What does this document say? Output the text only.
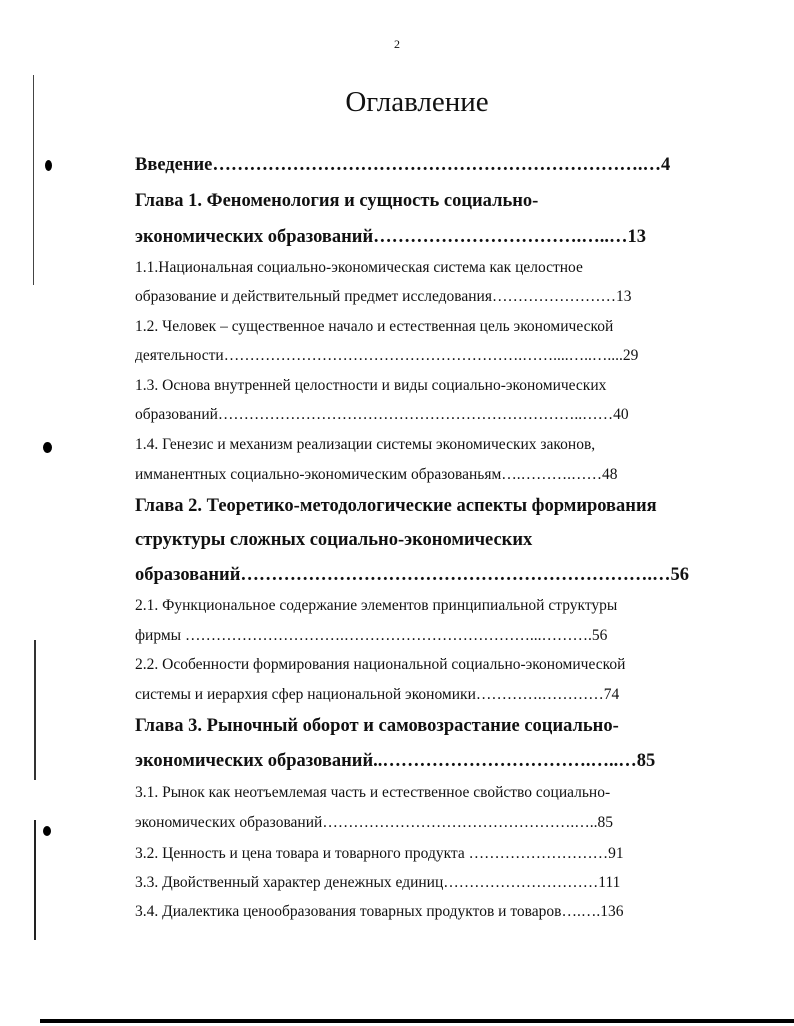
2
Оглавление
Введение…………………………………………………………….…4
Глава 1. Феноменология и сущность социально-
экономических образований…………………………….…..…13
1.1.Национальная социально-экономическая система как целостное
образование и действительный предмет исследования……………………13
1.2. Человек – существенное начало и естественная цель экономической
деятельности………………………………………………….……....…..…....29
1.3. Основа внутренней целостности и виды социально-экономических
образований……………………………………………………………..……40
1.4. Генезис и механизм реализации системы экономических законов,
имманентных социально-экономическим образованьям….……….……48
Глава 2. Теоретико-методологические аспекты формирования
структуры сложных социально-экономических
образований………………………………………………………….…56
2.1. Функциональное содержание элементов принципиальной структуры
фирмы ………………………….………………………………...……….56
2.2. Особенности формирования национальной социально-экономической
системы и иерархия сфер национальной экономики………….…………74
Глава 3. Рыночный оборот и самовозрастание социально-
экономических образований..…………………………….…..…85
3.1. Рынок как неотъемлемая часть и естественное свойство социально-
экономических образований………………………………………….…..85
3.2. Ценность и цена товара и товарного продукта ………………………91
3.3. Двойственный характер денежных единиц…………………………111
3.4. Диалектика ценообразования товарных продуктов и товаров….….136
